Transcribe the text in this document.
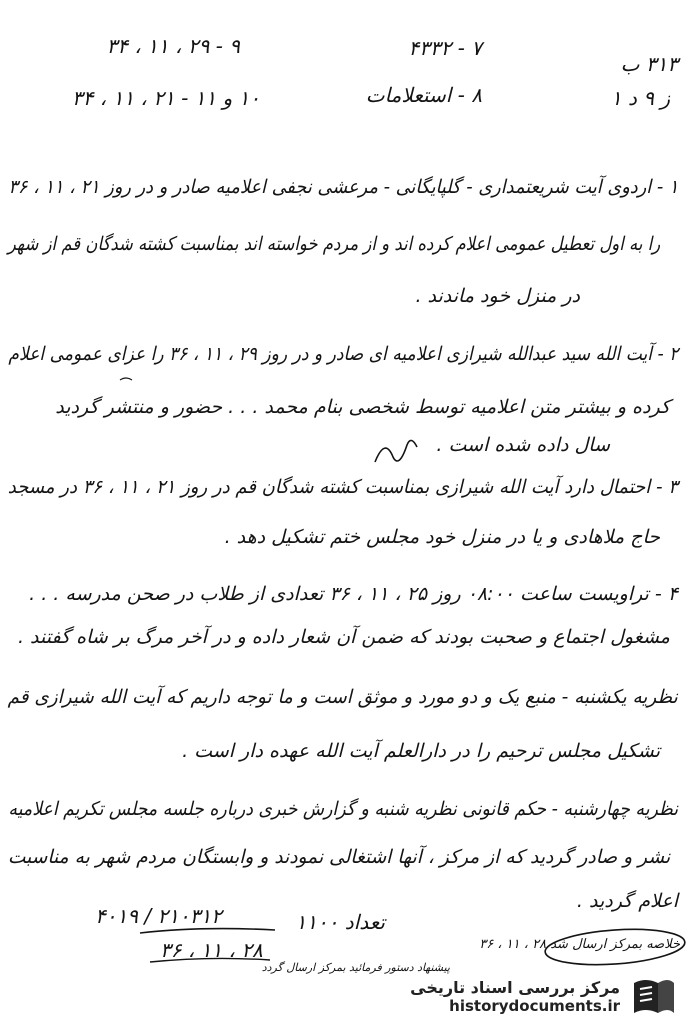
۳۱۳ ب
ز ۹ د ۱
۷ - ۴۳۳۲
۸ - استعلامات
۹ - ۲۹ ، ۱۱ ، ۳۴
۱۰ و ۱۱ - ۲۱ ، ۱۱ ، ۳۴
۱ - اردوی آیت شریعتمداری - گلپایگانی - مرعشی نجفی اعلامیه صادر و در روز ۲۱ ، ۱۱ ، ۳۶
را به اول تعطیل عمومی اعلام کرده اند و از مردم خواسته اند بمناسبت کشته شدگان قم از شهر
در منزل خود ماندند .
۲ - آیت الله سید عبدالله شیرازی اعلامیه ای صادر و در روز ۲۹ ، ۱۱ ، ۳۶ را عزای عمومی اعلام
کرده و بیشتر متن اعلامیه توسط شخصی بنام محمد . . . حضور و منتشر گردید
سال داده شده است .
۳ - احتمال دارد آیت الله شیرازی بمناسبت کشته شدگان قم در روز ۲۱ ، ۱۱ ، ۳۶ در مسجد
حاج ملاهادی و یا در منزل خود مجلس ختم تشکیل دهد .
۴ - تراویست ساعت ۰۸:۰۰ روز ۲۵ ، ۱۱ ، ۳۶ تعدادی از طلاب در صحن مدرسه . . .
مشغول اجتماع و صحبت بودند که ضمن آن شعار داده و در آخر مرگ بر شاه گفتند .
نظریه یکشنبه - منبع یک و دو مورد و موثق است و ما توجه داریم که آیت الله شیرازی قم
تشکیل مجلس ترحیم را در دارالعلم آیت الله عهده دار است .
نظریه چهارشنبه - حکم قانونی نظریه شنبه و گزارش خبری درباره جلسه مجلس تکریم اعلامیه
نشر و صادر گردید که از مرکز ، آنها اشتغالی نمودند و وابستگان مردم شهر به مناسبت
اعلام گردید .
تعداد ۱۱۰۰
۲۱۰۳۱۲ / ۴۰۱۹
۲۸ ، ۱۱ ، ۳۶	خلاصه بمرکز ارسال شد ۲۸ ، ۱۱ ، ۳۶
پیشنهاد دستور فرمائید بمرکز ارسال گردد
مرکز بررسی اسناد تاریخی
historydocuments.ir
